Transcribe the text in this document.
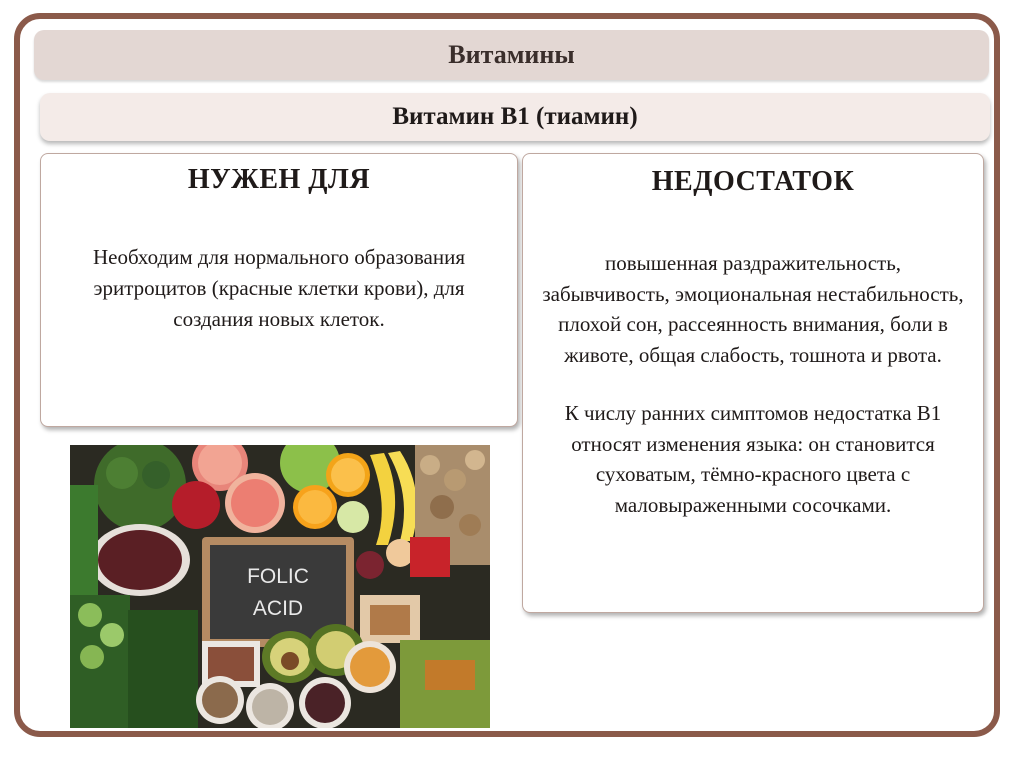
Витамины
Витамин В1 (тиамин)
НУЖЕН ДЛЯ
Необходим для нормального образования эритроцитов (красные клетки крови), для создания новых клеток.
НЕДОСТАТОК
повышенная раздражительность, забывчивость, эмоциональная нестабильность, плохой сон, рассеянность внимания, боли в животе, общая слабость, тошнота и рвота.
К числу ранних симптомов недостатка В1 относят изменения языка: он становится суховатым, тёмно-красного цвета с маловыраженными сосочками.
FOLIC
ACID
